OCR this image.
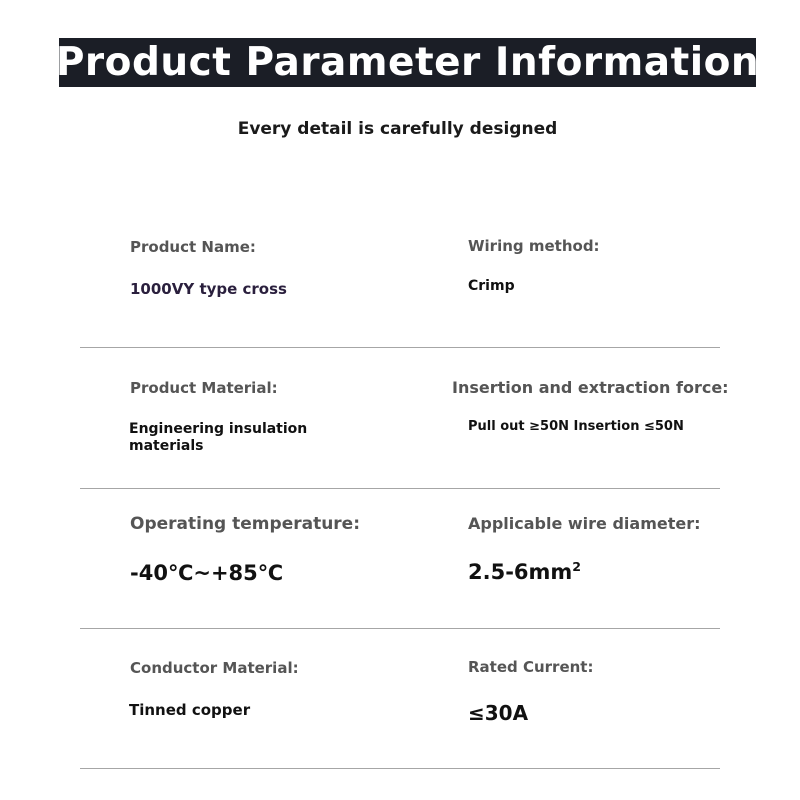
Product Parameter Information
Every detail is carefully designed
Product Name:
1000VY type cross
Wiring method:
Crimp
Product Material:
Engineering insulation
materials
Insertion and extraction force:
Pull out ≥50N Insertion ≤50N
Operating temperature:
-40℃~+85℃
Applicable wire diameter:
$2.5-6mm^2$
Conductor Material:
Tinned copper
Rated Current:
≤30A
